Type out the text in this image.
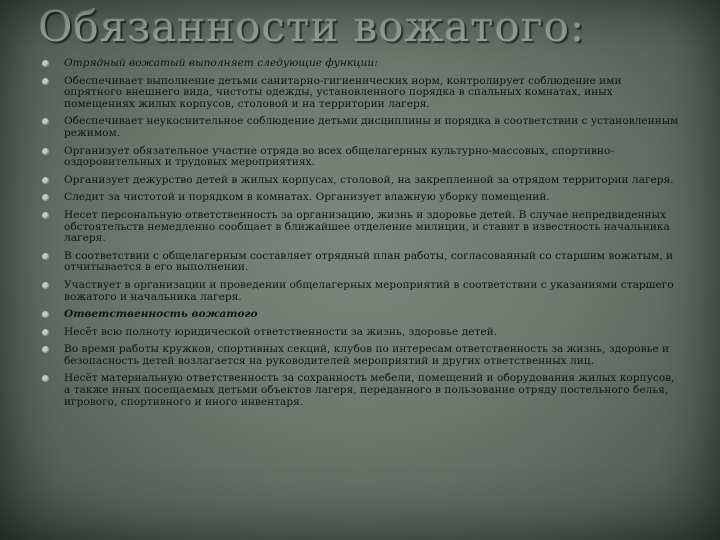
Обязанности вожатого:
Отрядный вожатый выполняет следующие функции:
Обеспечивает выполнение детьми санитарно-гигиенических норм, контролирует соблюдение ими опрятного внешнего вида, чистоты одежды, установленного порядка в спальных комнатах, иных помещениях жилых корпусов, столовой и на территории лагеря.
Обеспечивает неукоснительное соблюдение детьми дисциплины и порядка в соответствии с установленным режимом.
Организует обязательное участие отряда во всех общелагерных культурно-массовых, спортивно-оздоровительных и трудовых мероприятиях.
Организует дежурство детей в жилых корпусах, столовой, на закрепленной за отрядом территории лагеря.
Следит за чистотой и порядком в комнатах. Организует влажную уборку помещений.
Несет персональную ответственность за организацию, жизнь и здоровье детей. В случае непредвиденных обстоятельств немедленно сообщает в ближайшее отделение милиции, и ставит в известность начальника лагеря.
В соответствии с общелагерным составляет отрядный план работы, согласованный со старшим вожатым, и отчитывается в его выполнении.
Участвует в организации и проведении общелагерных мероприятий в соответствии с указаниями старшего вожатого и начальника лагеря.
Ответственность вожатого
Несёт всю полноту юридической ответственности за жизнь, здоровье детей.
Во время работы кружков, спортивных секций, клубов по интересам ответственность за жизнь, здоровье и безопасность детей возлагается на руководителей мероприятий и других ответственных лиц.
Несёт материальную ответственность за сохранность мебели, помещений и оборудования жилых корпусов, а также иных посещаемых детьми объектов лагеря, переданного в пользование отряду постельного белья, игрового, спортивного и иного инвентаря.
